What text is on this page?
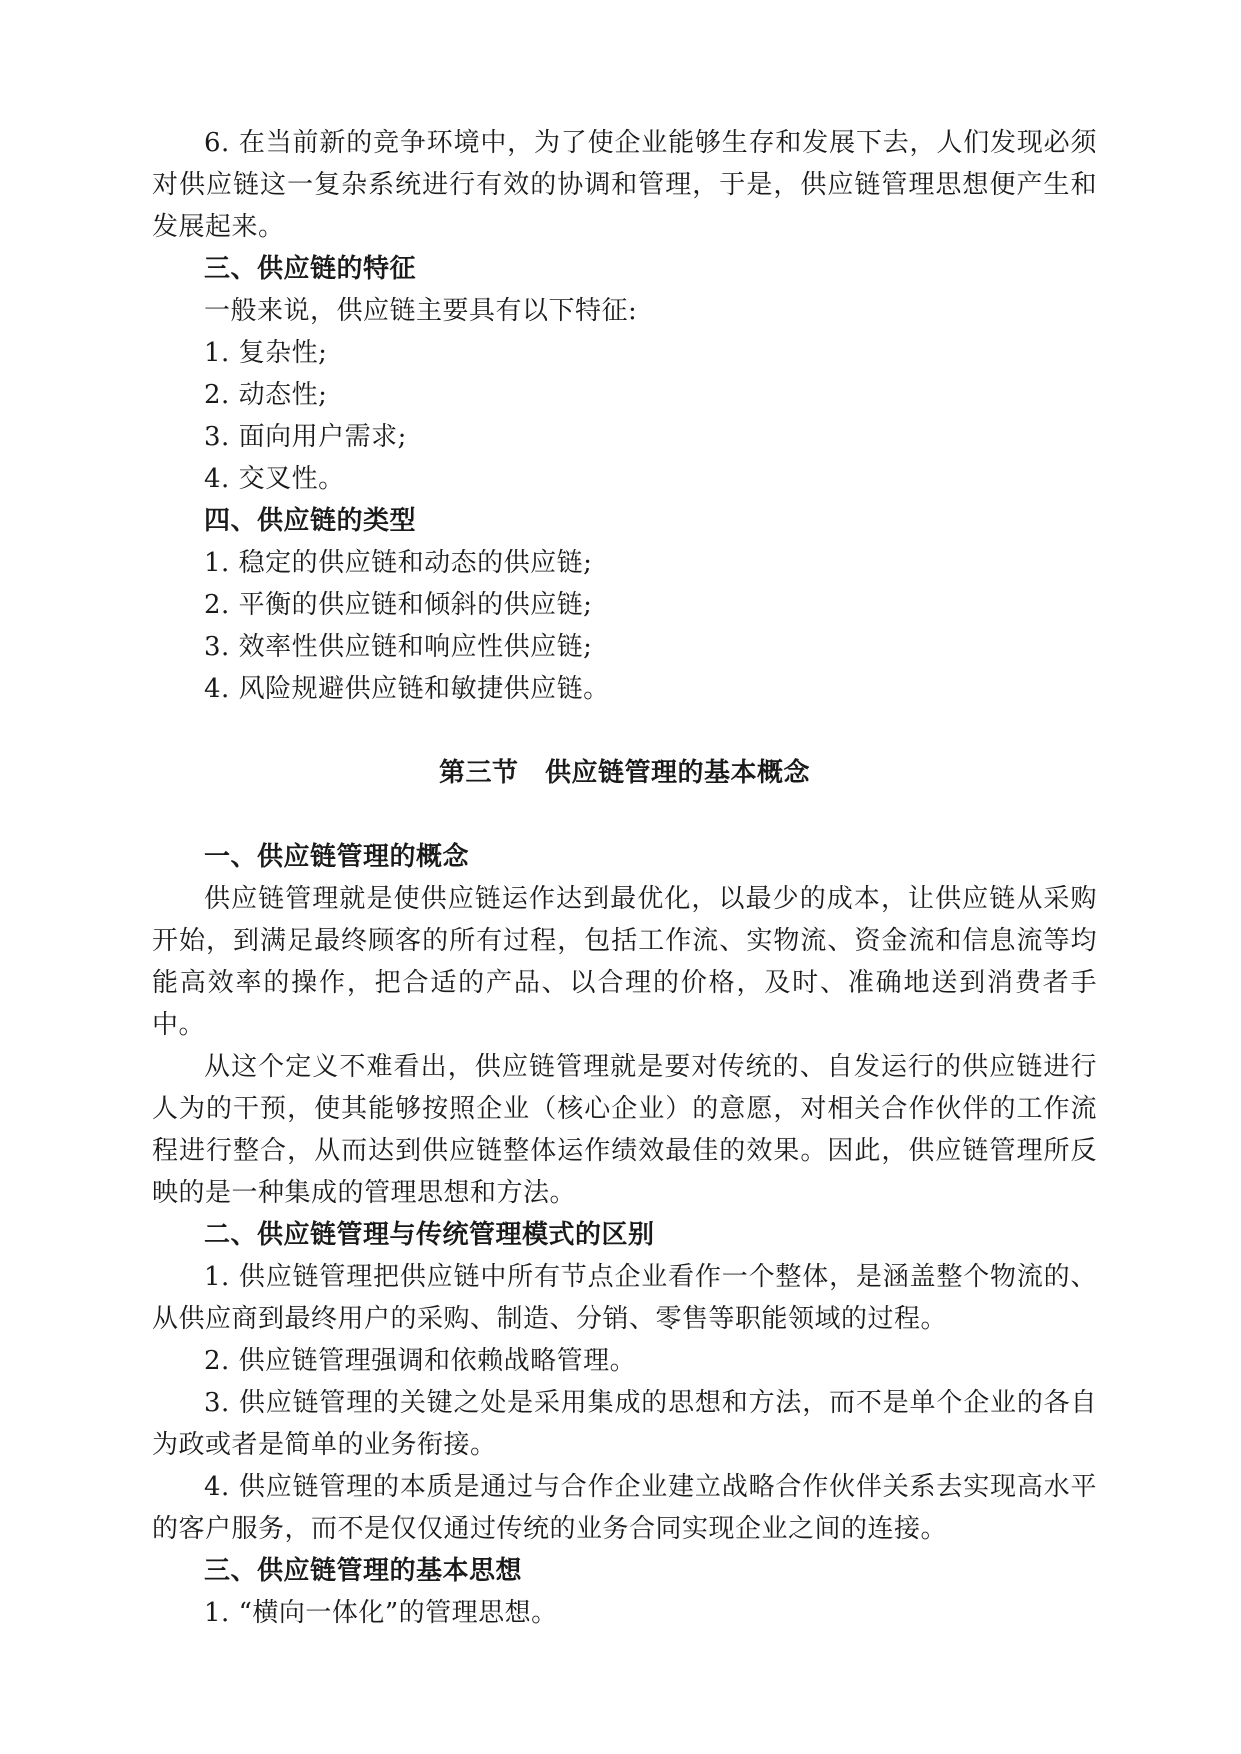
6. 在当前新的竞争环境中，为了使企业能够生存和发展下去，人们发现必须对供应链这一复杂系统进行有效的协调和管理，于是，供应链管理思想便产生和发展起来。

三、供应链的特征

一般来说，供应链主要具有以下特征:

1. 复杂性;

2. 动态性;

3. 面向用户需求;

4. 交叉性。

四、供应链的类型

1. 稳定的供应链和动态的供应链;

2. 平衡的供应链和倾斜的供应链;

3. 效率性供应链和响应性供应链;

4. 风险规避供应链和敏捷供应链。

第三节　供应链管理的基本概念

一、供应链管理的概念

供应链管理就是使供应链运作达到最优化，以最少的成本，让供应链从采购开始，到满足最终顾客的所有过程，包括工作流、实物流、资金流和信息流等均能高效率的操作，把合适的产品、以合理的价格，及时、准确地送到消费者手中。

从这个定义不难看出，供应链管理就是要对传统的、自发运行的供应链进行人为的干预，使其能够按照企业（核心企业）的意愿，对相关合作伙伴的工作流程进行整合，从而达到供应链整体运作绩效最佳的效果。因此，供应链管理所反映的是一种集成的管理思想和方法。

二、供应链管理与传统管理模式的区别

1. 供应链管理把供应链中所有节点企业看作一个整体，是涵盖整个物流的、从供应商到最终用户的采购、制造、分销、零售等职能领域的过程。

2. 供应链管理强调和依赖战略管理。

3. 供应链管理的关键之处是采用集成的思想和方法，而不是单个企业的各自为政或者是简单的业务衔接。

4. 供应链管理的本质是通过与合作企业建立战略合作伙伴关系去实现高水平的客户服务，而不是仅仅通过传统的业务合同实现企业之间的连接。

三、供应链管理的基本思想

1. “横向一体化”的管理思想。
